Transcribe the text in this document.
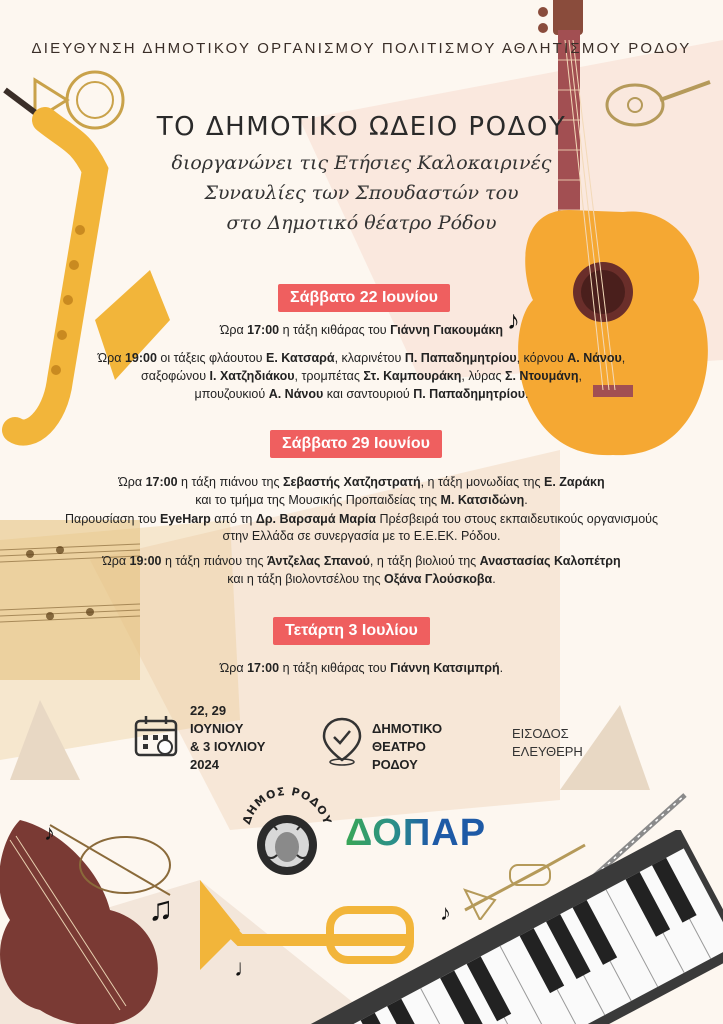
♪
♫
♩
♪
♪
ΔΙΕΥΘΥΝΣΗ ΔΗΜΟΤΙΚΟΥ ΟΡΓΑΝΙΣΜΟΥ ΠΟΛΙΤΙΣΜΟΥ ΑΘΛΗΤΙΣΜΟΥ ΡΟΔΟΥ
ΤΟ ΔΗΜΟΤΙΚΟ ΩΔΕΙΟ ΡΟΔΟΥ
διοργανώνει τις Ετήσιες Καλοκαιρινές
Συναυλίες των Σπουδαστών του
στο Δημοτικό θέατρο Ρόδου
Σάββατο 22 Ιουνίου
Σάββατο 29 Ιουνίου
Τετάρτη 3 Ιουλίου
Ώρα 17:00 η τάξη κιθάρας του Γιάννη Γιακουμάκη
Ώρα 19:00 οι τάξεις φλάουτου Ε. Κατσαρά, κλαρινέτου Π. Παπαδημητρίου, κόρνου Α. Νάνου,
σαξοφώνου Ι. Χατζηδιάκου, τρομπέτας Στ. Καμπουράκη, λύρας Σ. Ντουμάνη,
μπουζουκιού Α. Νάνου και σαντουριού Π. Παπαδημητρίου.
Ώρα 17:00 η τάξη πιάνου της Σεβαστής Χατζηστρατή, η τάξη μονωδίας της Ε. Ζαράκη
και το τμήμα της Μουσικής Προπαιδείας της Μ. Κατσιδώνη.
Παρουσίαση του EyeHarp από τη Δρ. Βαρσαμά Μαρία Πρέσβειρά του στους εκπαιδευτικούς οργανισμούς
στην Ελλάδα σε συνεργασία με το Ε.Ε.ΕΚ. Ρόδου.
Ώρα 19:00 η τάξη πιάνου της Άντζελας Σπανού, η τάξη βιολιού της Αναστασίας Καλοπέτρη
και η τάξη βιολοντσέλου της Οξάνα Γλούσκοβα.
Ώρα 17:00 η τάξη κιθάρας του Γιάννη Κατσιμπρή.
22, 29
ΙΟΥΝΙΟΥ
& 3 ΙΟΥΛΙΟΥ
2024
ΔΗΜΟΤΙΚΟ
ΘΕΑΤΡΟ
ΡΟΔΟΥ
ΕΙΣΟΔΟΣ
ΕΛΕΥΘΕΡΗ
ΔΗΜΟΣ ΡΟΔΟΥ ΔΟΠΑΡ
